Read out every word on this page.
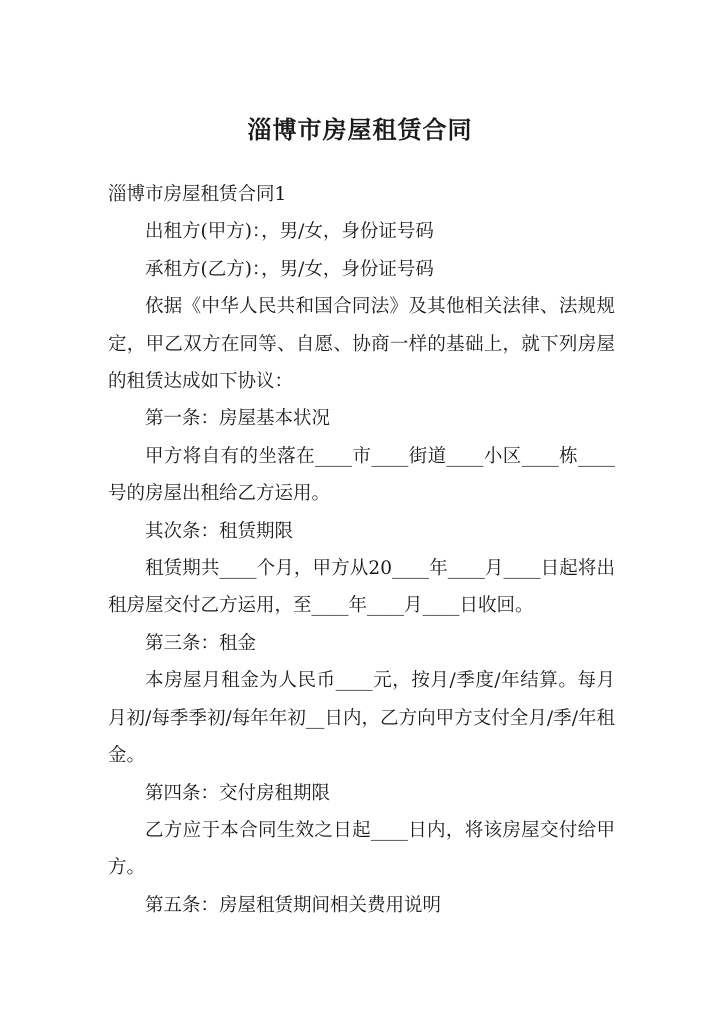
淄博市房屋租赁合同

淄博市房屋租赁合同1

出租方(甲方)：，男/女，身份证号码

承租方(乙方)：，男/女，身份证号码

依据《中华人民共和国合同法》及其他相关法律、法规规定，甲乙双方在同等、自愿、协商一样的基础上，就下列房屋的租赁达成如下协议：

第一条：房屋基本状况

甲方将自有的坐落在____市____街道____小区____栋____号的房屋出租给乙方运用。

其次条：租赁期限

租赁期共____个月，甲方从20____年____月____日起将出租房屋交付乙方运用，至____年____月____日收回。

第三条：租金

本房屋月租金为人民币____元，按月/季度/年结算。每月月初/每季季初/每年年初__日内，乙方向甲方支付全月/季/年租金。

第四条：交付房租期限

乙方应于本合同生效之日起____日内，将该房屋交付给甲方。

第五条：房屋租赁期间相关费用说明
